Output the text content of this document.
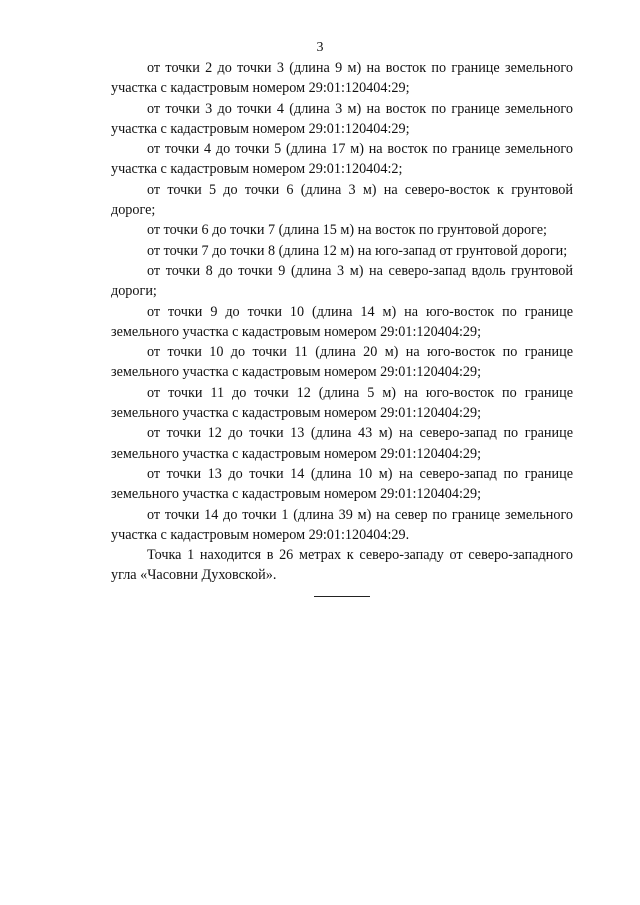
3

от точки 2 до точки 3 (длина 9 м) на восток по границе земельного участка с кадастровым номером 29:01:120404:29;

от точки 3 до точки 4 (длина 3 м) на восток по границе земельного участка с кадастровым номером 29:01:120404:29;

от точки 4 до точки 5 (длина 17 м) на восток по границе земельного участка с кадастровым номером 29:01:120404:2;

от точки 5 до точки 6 (длина 3 м) на северо-восток к грунтовой дороге;

от точки 6 до точки 7 (длина 15 м) на восток по грунтовой дороге;

от точки 7 до точки 8 (длина 12 м) на юго-запад от грунтовой дороги;

от точки 8 до точки 9 (длина 3 м) на северо-запад вдоль грунтовой дороги;

от точки 9 до точки 10 (длина 14 м) на юго-восток по границе земельного участка с кадастровым номером 29:01:120404:29;

от точки 10 до точки 11 (длина 20 м) на юго-восток по границе земельного участка с кадастровым номером 29:01:120404:29;

от точки 11 до точки 12 (длина 5 м) на юго-восток по границе земельного участка с кадастровым номером 29:01:120404:29;

от точки 12 до точки 13 (длина 43 м) на северо-запад по границе земельного участка с кадастровым номером 29:01:120404:29;

от точки 13 до точки 14 (длина 10 м) на северо-запад по границе земельного участка с кадастровым номером 29:01:120404:29;

от точки 14 до точки 1 (длина 39 м) на север по границе земельного участка с кадастровым номером 29:01:120404:29.

Точка 1 находится в 26 метрах к северо-западу от северо-западного угла «Часовни Духовской».
